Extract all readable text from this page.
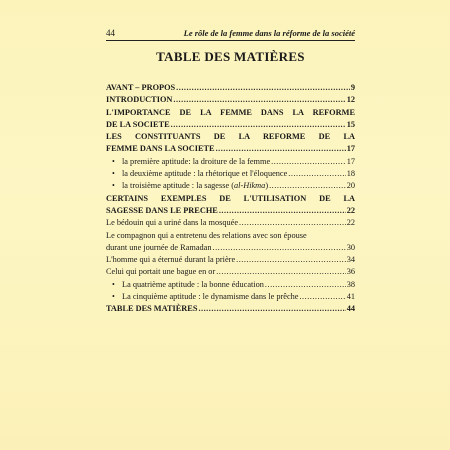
44	Le rôle de la femme dans la réforme de la société
TABLE DES MATIÈRES
AVANT – PROPOS .....	9
INTRODUCTION .....	12
L'IMPORTANCE DE LA FEMME DANS LA REFORME
DE LA SOCIETE .....	15
LES CONSTITUANTS DE LA REFORME DE LA
FEMME DANS LA SOCIETE .....	17
• la première aptitude: la droiture de la femme .....	17
• la deuxième aptitude : la rhétorique et l'éloquence .....	18
• la troisième aptitude : la sagesse (al-Hikma) .....	20
CERTAINS EXEMPLES DE L'UTILISATION DE LA
SAGESSE DANS LE PRECHE .....	22
Le bédouin qui a uriné dans la mosquée .....	22
Le compagnon qui a entretenu des relations avec son épouse
durant une journée de Ramadan .....	30
L'homme qui a éternué durant la prière .....	34
Celui qui portait une bague en or .....	36
• La quatrième aptitude : la bonne éducation .....	38
• La cinquième aptitude : le dynamisme dans le prêche .....	41
TABLE DES MATIÈRES .....	44
